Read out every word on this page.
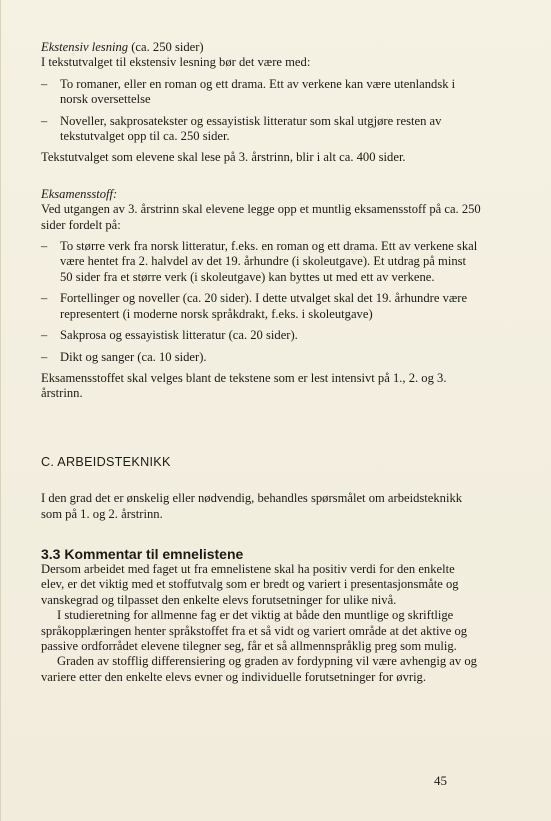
Ekstensiv lesning (ca. 250 sider)

I tekstutvalget til ekstensiv lesning bør det være med:

– To romaner, eller en roman og ett drama. Ett av verkene kan være utenlandsk i norsk oversettelse
– Noveller, sakprosatekster og essayistisk litteratur som skal utgjøre resten av tekstutvalget opp til ca. 250 sider.

Tekstutvalget som elevene skal lese på 3. årstrinn, blir i alt ca. 400 sider.

Eksamensstoff:

Ved utgangen av 3. årstrinn skal elevene legge opp et muntlig eksamensstoff på ca. 250 sider fordelt på:

– To større verk fra norsk litteratur, f.eks. en roman og ett drama. Ett av verkene skal være hentet fra 2. halvdel av det 19. århundre (i skoleutgave). Et utdrag på minst 50 sider fra et større verk (i skoleutgave) kan byttes ut med ett av verkene.
– Fortellinger og noveller (ca. 20 sider). I dette utvalget skal det 19. århundre være representert (i moderne norsk språkdrakt, f.eks. i skoleutgave)
– Sakprosa og essayistisk litteratur (ca. 20 sider).
– Dikt og sanger (ca. 10 sider).

Eksamensstoffet skal velges blant de tekstene som er lest intensivt på 1., 2. og 3. årstrinn.

C. ARBEIDSTEKNIKK

I den grad det er ønskelig eller nødvendig, behandles spørsmålet om arbeidsteknikk som på 1. og 2. årstrinn.

3.3 Kommentar til emnelistene

Dersom arbeidet med faget ut fra emnelistene skal ha positiv verdi for den enkelte elev, er det viktig med et stoffutvalg som er bredt og variert i presentasjonsmåte og vanskegrad og tilpasset den enkelte elevs forutsetninger for ulike nivå.

I studieretning for allmenne fag er det viktig at både den muntlige og skriftlige språkopplæringen henter språkstoffet fra et så vidt og variert område at det aktive og passive ordforrådet elevene tilegner seg, får et så allmennspråklig preg som mulig.

Graden av stofflig differensiering og graden av fordypning vil være avhengig av og variere etter den enkelte elevs evner og individuelle forutsetninger for øvrig.

45
